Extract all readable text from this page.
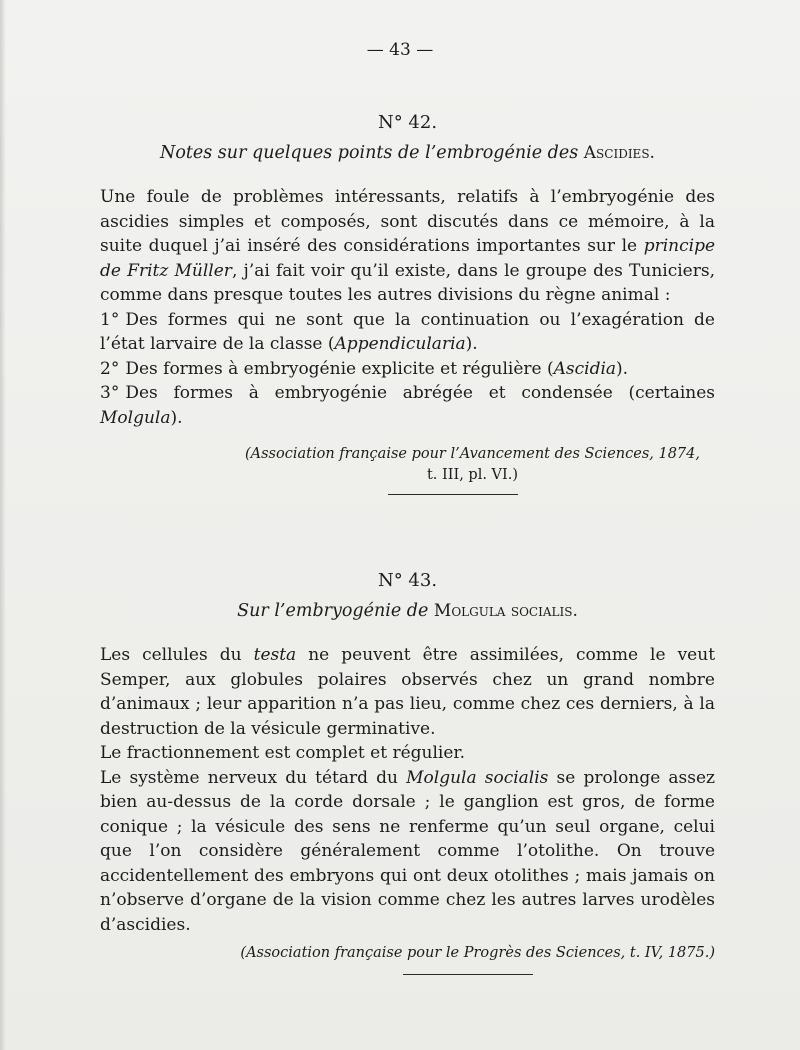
— 43 —
N° 42.
Notes sur quelques points de l’embrogénie des Ascidies.

Une foule de problèmes intéressants, relatifs à l’embryogénie des ascidies simples et composés, sont discutés dans ce mémoire, à la suite duquel j’ai inséré des considérations importantes sur le principe de Fritz Müller, j’ai fait voir qu’il existe, dans le groupe des Tuniciers, comme dans presque toutes les autres divisions du règne animal :

1° Des formes qui ne sont que la continuation ou l’exagération de l’état larvaire de la classe (Appendicularia).

2° Des formes à embryogénie explicite et régulière (Ascidia).

3° Des formes à embryogénie abrégée et condensée (certaines Molgula).

(Association française pour l’Avancement des Sciences, 1874,
t. III, pl. VI.)
N° 43.
Sur l’embryogénie de Molgula socialis.

Les cellules du testa ne peuvent être assimilées, comme le veut Semper, aux globules polaires observés chez un grand nombre d’animaux ; leur apparition n’a pas lieu, comme chez ces derniers, à la destruction de la vésicule germinative.

Le fractionnement est complet et régulier.

Le système nerveux du tétard du Molgula socialis se prolonge assez bien au-dessus de la corde dorsale ; le ganglion est gros, de forme conique ; la vésicule des sens ne renferme qu’un seul organe, celui que l’on considère généralement comme l’otolithe. On trouve accidentellement des embryons qui ont deux otolithes ; mais jamais on n’observe d’organe de la vision comme chez les autres larves urodèles d’ascidies.

(Association française pour le Progrès des Sciences, t. IV, 1875.)
